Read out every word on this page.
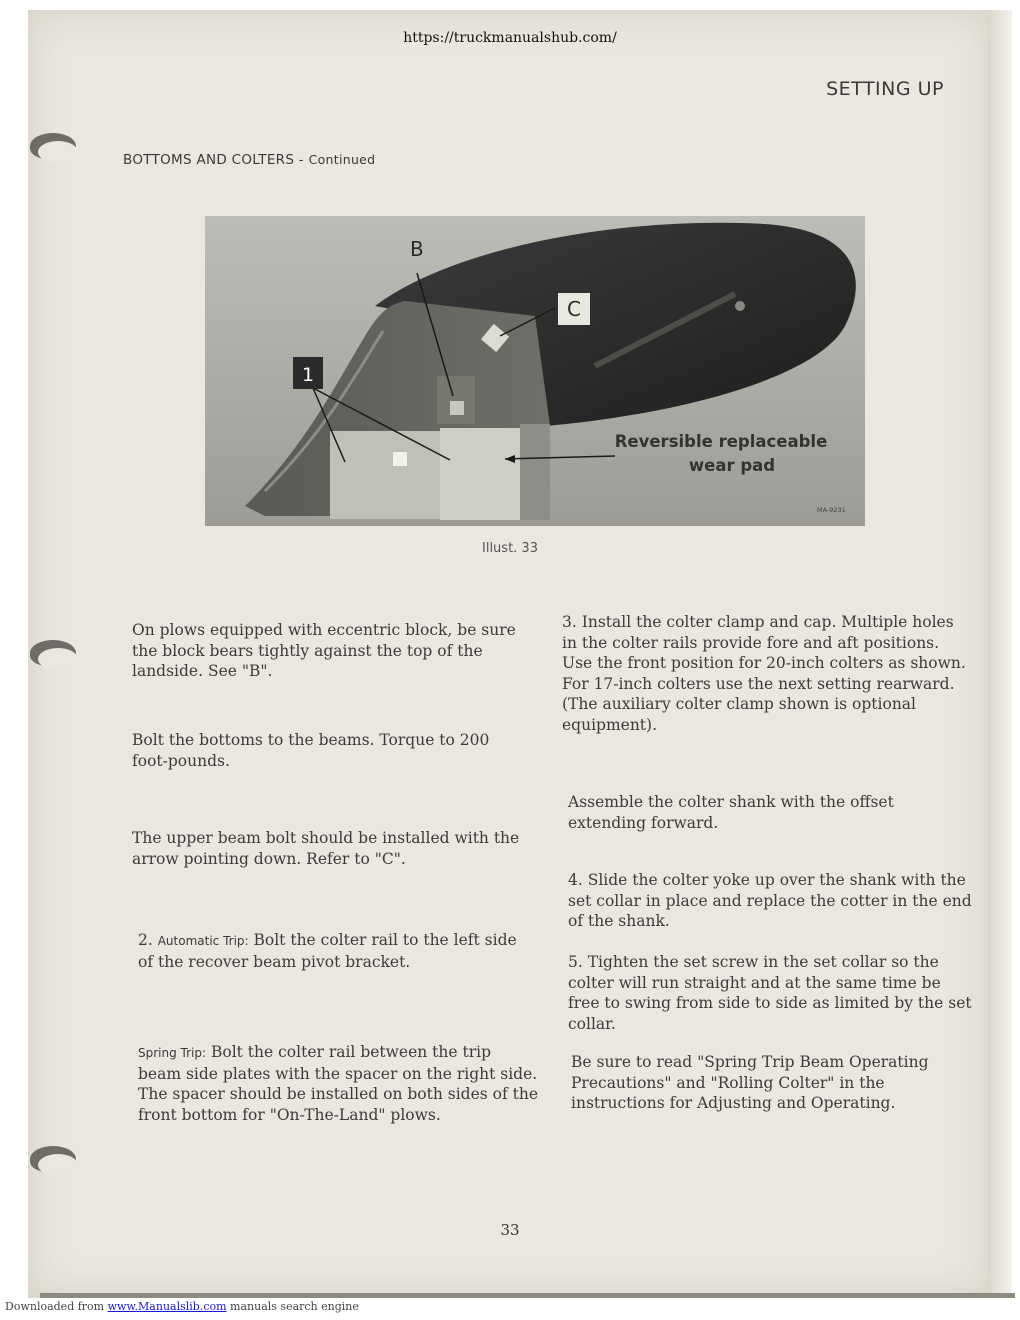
https://truckmanualshub.com/
SETTING UP
BOTTOMS AND COLTERS - Continued
B
C
1
Reversible replaceable
wear pad
MA-9231
Illust. 33

On plows equipped with eccentric block, be sure the block bears tightly against the top of the landside. See "B".

Bolt the bottoms to the beams. Torque to 200 foot-pounds.

The upper beam bolt should be installed with the arrow pointing down. Refer to "C".

2. Automatic Trip: Bolt the colter rail to the left side of the recover beam pivot bracket.

Spring Trip: Bolt the colter rail between the trip beam side plates with the spacer on the right side. The spacer should be installed on both sides of the front bottom for "On-The-Land" plows.

3. Install the colter clamp and cap. Multiple holes in the colter rails provide fore and aft positions. Use the front position for 20-inch colters as shown. For 17-inch colters use the next setting rearward. (The auxiliary colter clamp shown is optional equipment).

Assemble the colter shank with the offset extending forward.

4. Slide the colter yoke up over the shank with the set collar in place and replace the cotter in the end of the shank.

5. Tighten the set screw in the set collar so the colter will run straight and at the same time be free to swing from side to side as limited by the set collar.

Be sure to read "Spring Trip Beam Operating Precautions" and "Rolling Colter" in the instructions for Adjusting and Operating.

33
Downloaded from www.Manualslib.com manuals search engine
